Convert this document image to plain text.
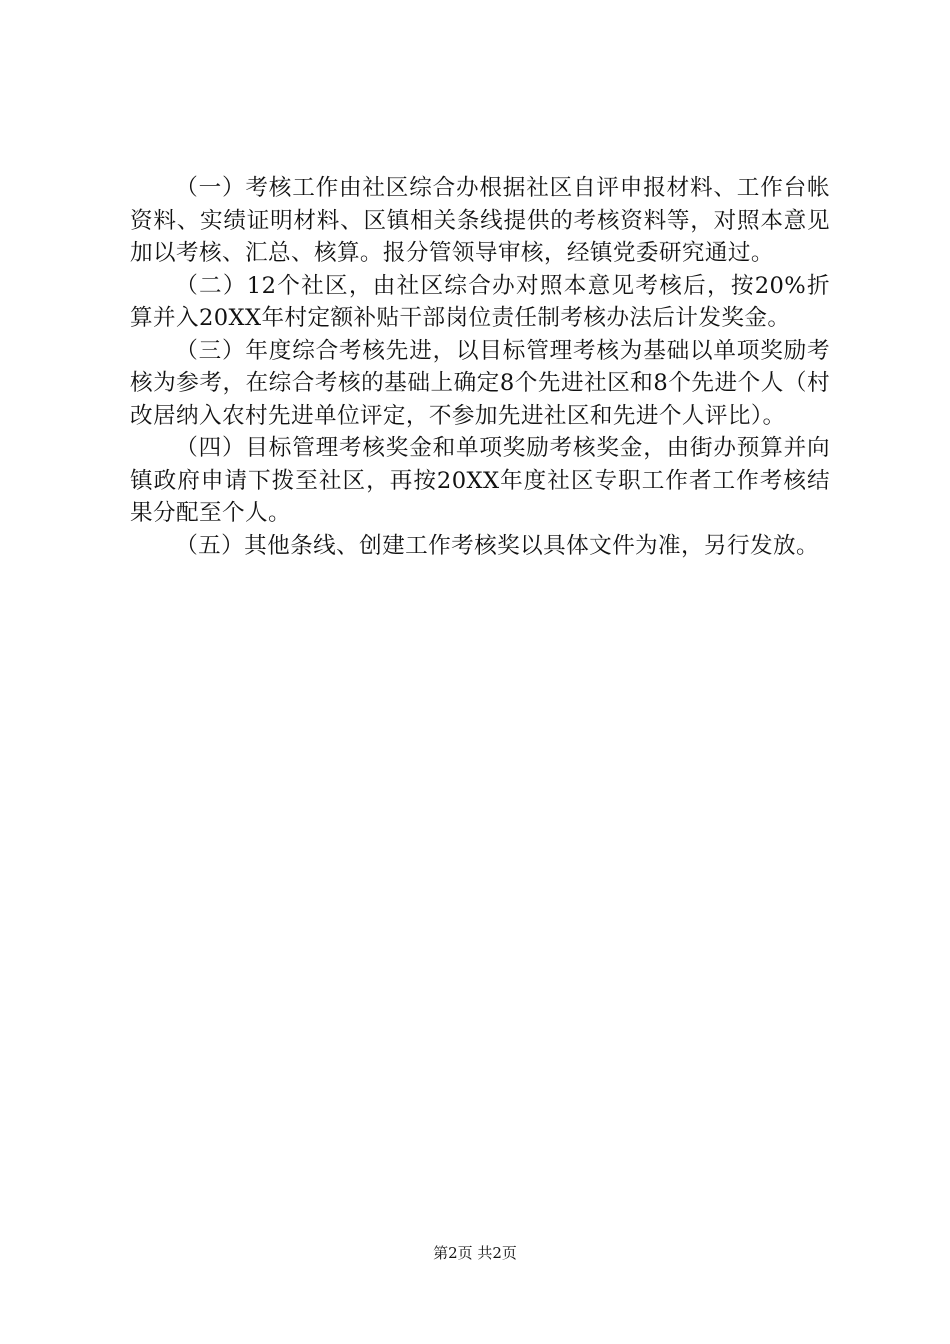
（一）考核工作由社区综合办根据社区自评申报材料、工作台帐资料、实绩证明材料、区镇相关条线提供的考核资料等，对照本意见加以考核、汇总、核算。报分管领导审核，经镇党委研究通过。

（二）12个社区，由社区综合办对照本意见考核后，按20%折算并入20XX年村定额补贴干部岗位责任制考核办法后计发奖金。

（三）年度综合考核先进，以目标管理考核为基础以单项奖励考核为参考，在综合考核的基础上确定8个先进社区和8个先进个人（村改居纳入农村先进单位评定，不参加先进社区和先进个人评比）。

（四）目标管理考核奖金和单项奖励考核奖金，由街办预算并向镇政府申请下拨至社区，再按20XX年度社区专职工作者工作考核结果分配至个人。

（五）其他条线、创建工作考核奖以具体文件为准，另行发放。

第2页 共2页
